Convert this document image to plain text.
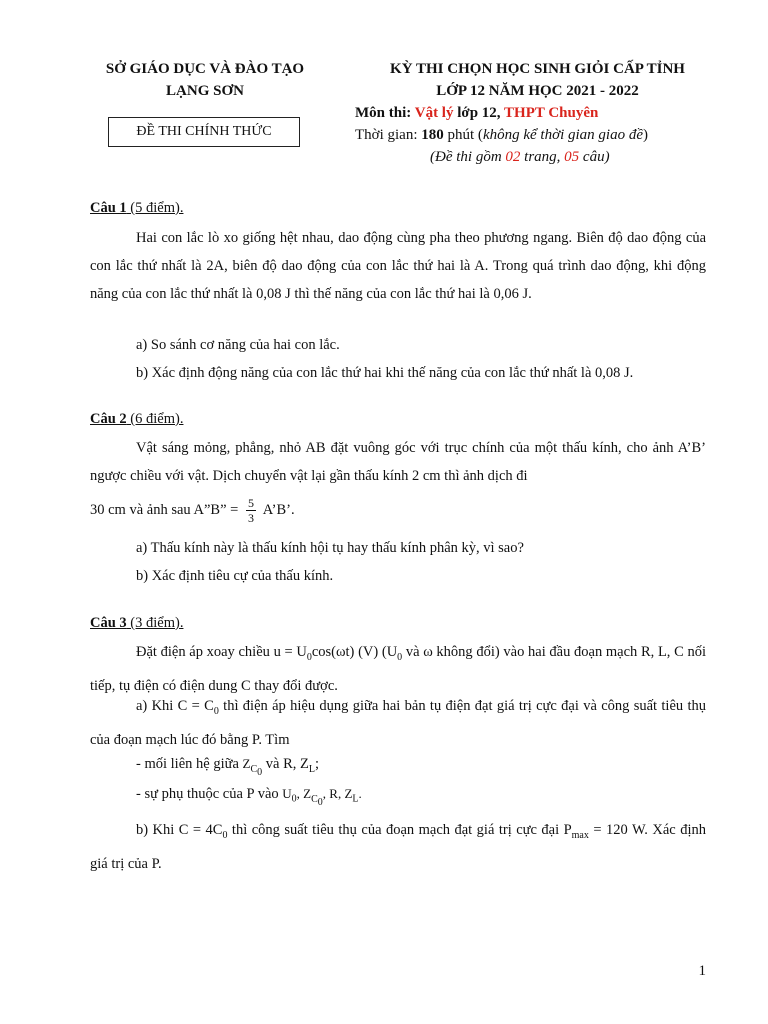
SỞ GIÁO DỤC VÀ ĐÀO TẠO
LẠNG SƠN
ĐỀ THI CHÍNH THỨC
KỲ THI CHỌN HỌC SINH GIỎI CẤP TỈNH
LỚP 12 NĂM HỌC 2021 - 2022
Môn thi: Vật lý lớp 12, THPT Chuyên
Thời gian: 180 phút (không kể thời gian giao đề)
(Đề thi gồm 02 trang, 05 câu)
Câu 1 (5 điểm).

Hai con lắc lò xo giống hệt nhau, dao động cùng pha theo phương ngang. Biên độ dao động của con lắc thứ nhất là 2A, biên độ dao động của con lắc thứ hai là A. Trong quá trình dao động, khi động năng của con lắc thứ nhất là 0,08 J thì thế năng của con lắc thứ hai là 0,06 J.

a) So sánh cơ năng của hai con lắc.

b) Xác định động năng của con lắc thứ hai khi thế năng của con lắc thứ nhất là 0,08 J.

Câu 2 (6 điểm).

Vật sáng mỏng, phẳng, nhỏ AB đặt vuông góc với trục chính của một thấu kính, cho ảnh A’B’ ngược chiều với vật. Dịch chuyển vật lại gần thấu kính 2 cm thì ảnh dịch đi

30 cm và ảnh sau A”B” = $\frac{5}{3}$ A’B’.

a) Thấu kính này là thấu kính hội tụ hay thấu kính phân kỳ, vì sao?

b) Xác định tiêu cự của thấu kính.

Câu 3 (3 điểm).

Đặt điện áp xoay chiều $u = U_0\cos(\omega t)$ (V) ($U_0$ và ω không đổi) vào hai đầu đoạn mạch R, L, C nối tiếp, tụ điện có điện dung C thay đổi được.

a) Khi $C = C_0$ thì điện áp hiệu dụng giữa hai bản tụ điện đạt giá trị cực đại và công suất tiêu thụ của đoạn mạch lúc đó bằng P. Tìm

- mối liên hệ giữa $Z_{C_0}$ và R, $Z_L$;

- sự phụ thuộc của P vào $U_0$, $Z_{C_0}$, R, $Z_L$.

b) Khi $C = 4C_0$ thì công suất tiêu thụ của đoạn mạch đạt giá trị cực đại $P_{max} = 120$ W. Xác định giá trị của P.

1
